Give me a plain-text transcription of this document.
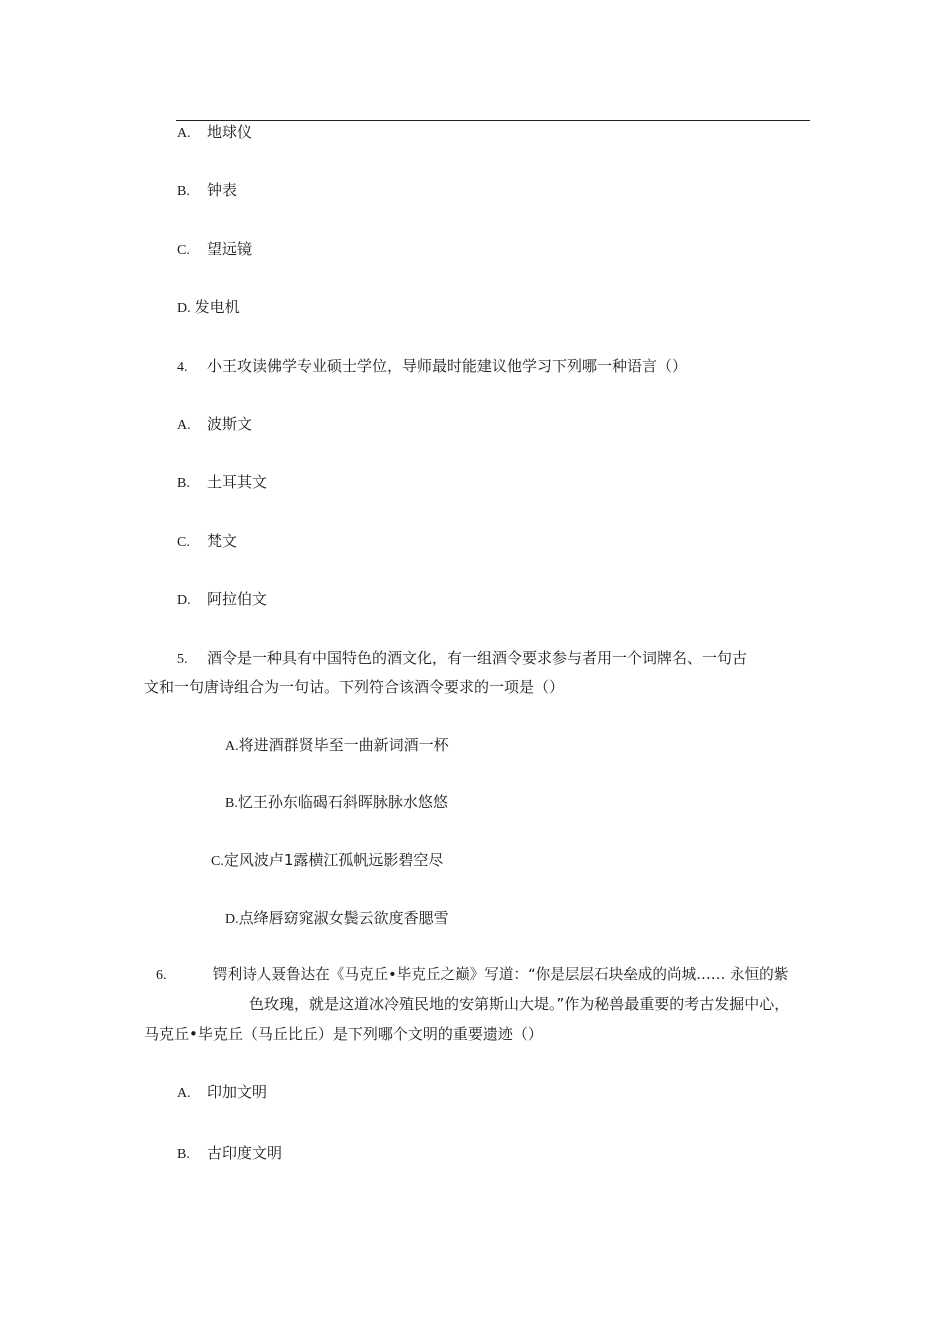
A. 地球仪
B. 钟表
C. 望远镜
D. 发电机
4. 小王攻读佛学专业硕士学位，导师最时能建议他学习下列哪一种语言（）
A. 波斯文
B. 土耳其文
C. 梵文
D. 阿拉伯文
5. 酒令是一种具有中国特色的酒文化，有一组酒令要求参与者用一个词牌名、一句古
文和一句唐诗组合为一句诂。下列符合该酒令要求的一项是（）
A.将进酒群贤毕至一曲新词酒一杯
B.忆王孙东临碣石斜晖脉脉水悠悠
C.定风波卢1露横江孤帆远影碧空尽
D.点绛唇窈窕淑女鬓云欲度香腮雪
6.	锷利诗人聂鲁达在《马克丘•毕克丘之巅》写道：“你是层层石块垒成的尚城…… 永恒的紫
色玫瑰，就是这道冰冷殖民地的安第斯山大堤。”作为秘兽最重要的考古发掘中心，
马克丘•毕克丘（马丘比丘）是下列哪个文明的重要遗迹（）
A. 印加文明
B. 古印度文明
